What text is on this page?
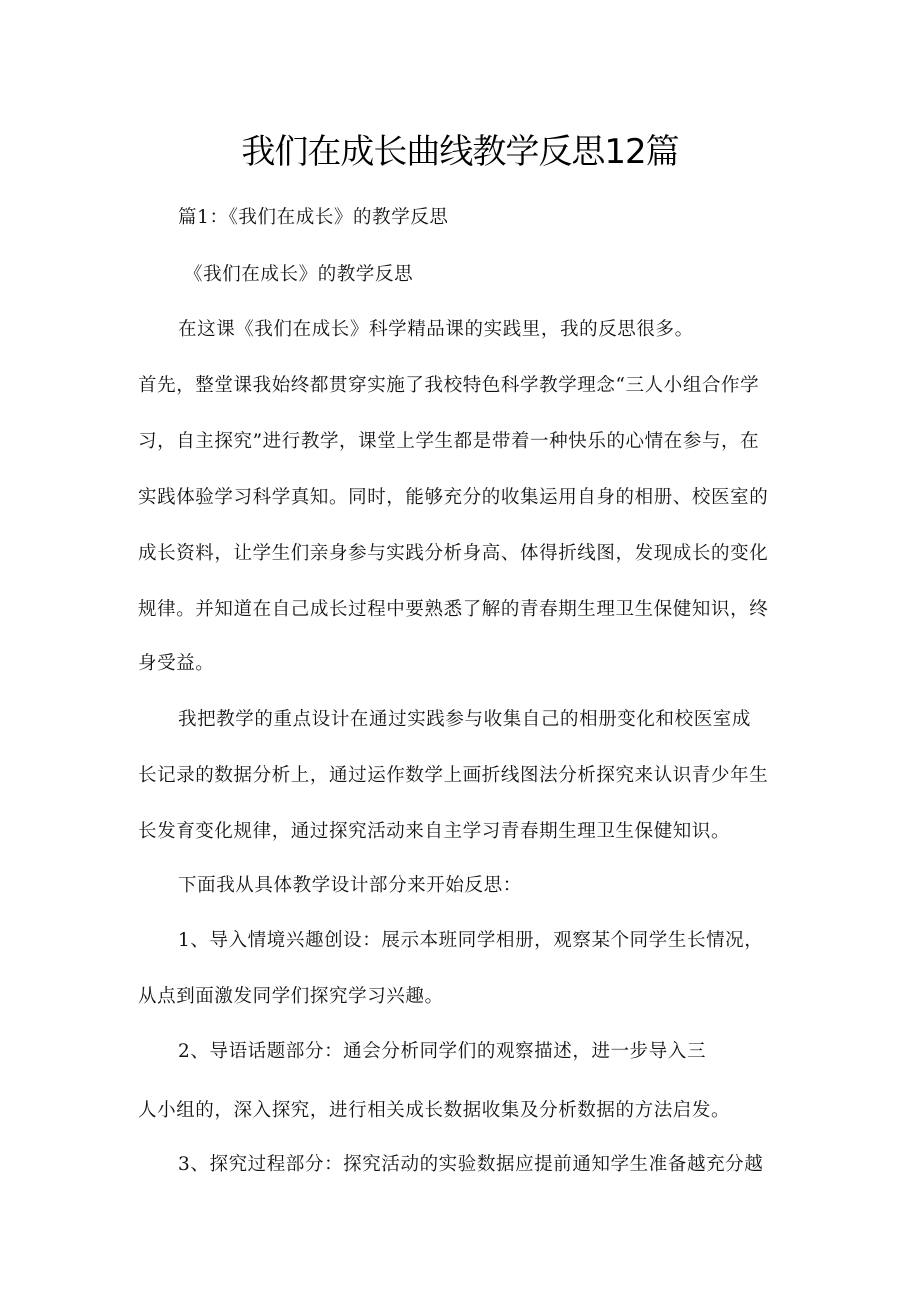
我们在成长曲线教学反思12篇

篇1：《我们在成长》的教学反思

《我们在成长》的教学反思

在这课《我们在成长》科学精品课的实践里，我的反思很多。

首先，整堂课我始终都贯穿实施了我校特色科学教学理念“三人小组合作学

习，自主探究”进行教学，课堂上学生都是带着一种快乐的心情在参与，在

实践体验学习科学真知。同时，能够充分的收集运用自身的相册、校医室的

成长资料，让学生们亲身参与实践分析身高、体得折线图，发现成长的变化

规律。并知道在自己成长过程中要熟悉了解的青春期生理卫生保健知识，终

身受益。

我把教学的重点设计在通过实践参与收集自己的相册变化和校医室成

长记录的数据分析上，通过运作数学上画折线图法分析探究来认识青少年生

长发育变化规律，通过探究活动来自主学习青春期生理卫生保健知识。

下面我从具体教学设计部分来开始反思：

1、导入情境兴趣创设：展示本班同学相册，观察某个同学生长情况，

从点到面激发同学们探究学习兴趣。

2、导语话题部分：通会分析同学们的观察描述，进一步导入三

人小组的，深入探究，进行相关成长数据收集及分析数据的方法启发。

3、探究过程部分：探究活动的实验数据应提前通知学生准备越充分越
